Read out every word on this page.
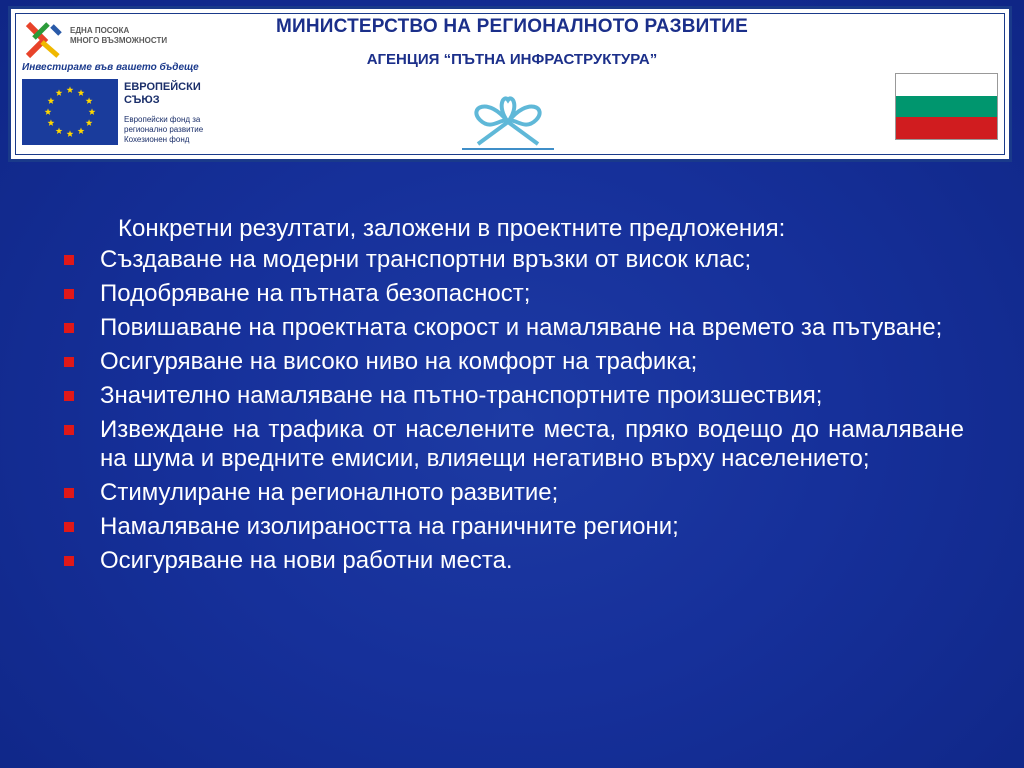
МИНИСТЕРСТВО НА РЕГИОНАЛНОТО РАЗВИТИЕ
АГЕНЦИЯ “ПЪТНА ИНФРАСТРУКТУРА”
ЕДНА ПОСОКА
МНОГО ВЪЗМОЖНОСТИ
Инвестираме във вашето бъдеще
ЕВРОПЕЙСКИ
СЪЮЗ
Европейски фонд за
регионално развитие
Кохезионен фонд
Конкретни резултати, заложени в проектните предложения:
Създаване на модерни транспортни връзки от висок клас;
Подобряване на пътната безопасност;
Повишаване на проектната скорост и намаляване на времето за пътуване;
Осигуряване на високо ниво на комфорт на трафика;
Значително намаляване на пътно-транспортните произшествия;
Извеждане на трафика от населените места, пряко водещо до намаляване на шума и вредните емисии, влияещи негативно върху населението;
Стимулиране на регионалното развитие;
Намаляване изолираността на граничните региони;
Осигуряване на нови работни места.
